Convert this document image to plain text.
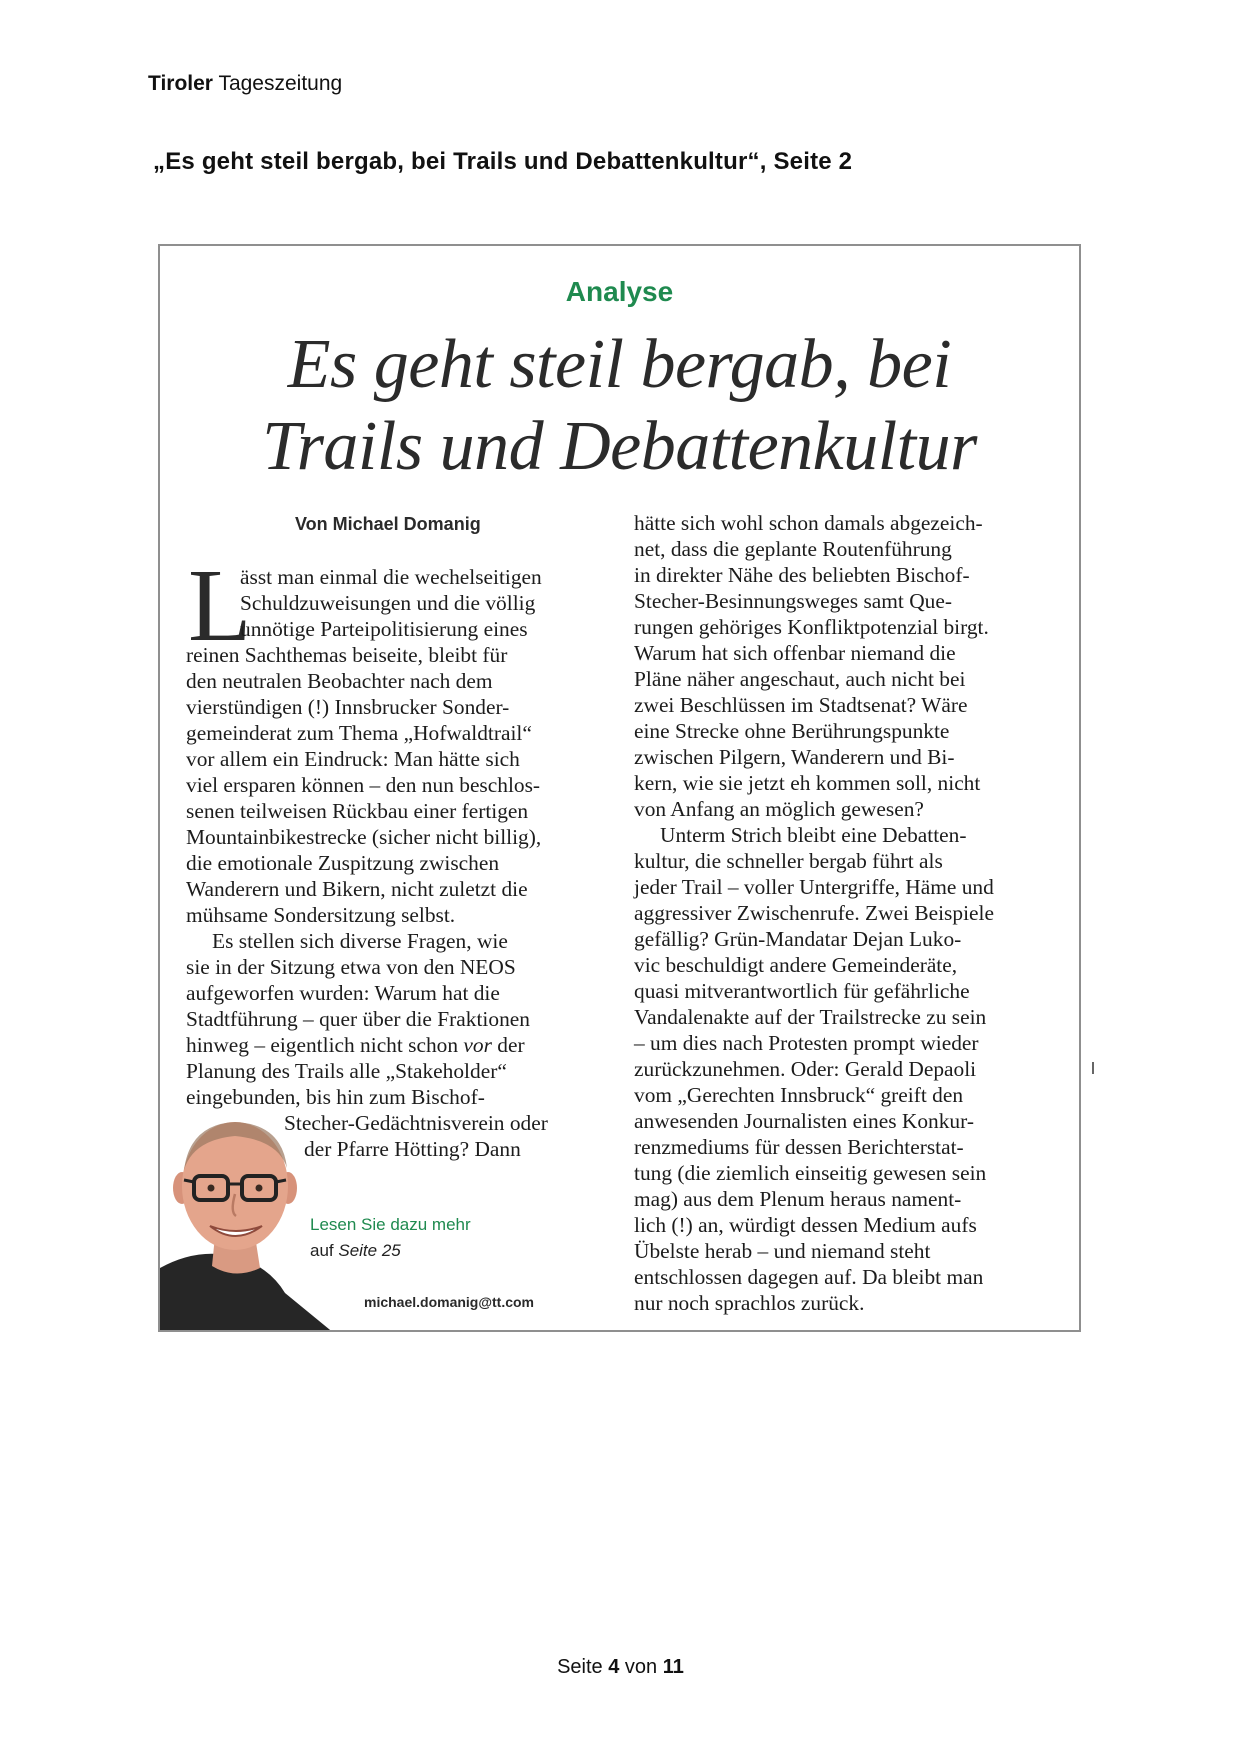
Tiroler Tageszeitung
„Es geht steil bergab, bei Trails und Debattenkultur“, Seite 2
Analyse
Es geht steil bergab, bei
Trails und Debattenkultur
Von Michael Domanig
L

ässt man einmal die wechelseitigen

Schuldzuweisungen und die völlig

unnötige Parteipolitisierung eines

reinen Sachthemas beiseite, bleibt für

den neutralen Beobachter nach dem

vierstündigen (!) Innsbrucker Sonder-

gemeinderat zum Thema „Hofwaldtrail“

vor allem ein Eindruck: Man hätte sich

viel ersparen können – den nun beschlos-

senen teilweisen Rückbau einer fertigen

Mountainbikestrecke (sicher nicht billig),

die emotionale Zuspitzung zwischen

Wanderern und Bikern, nicht zuletzt die

mühsame Sondersitzung selbst.

Es stellen sich diverse Fragen, wie

sie in der Sitzung etwa von den NEOS

aufgeworfen wurden: Warum hat die

Stadtführung – quer über die Fraktionen

hinweg – eigentlich nicht schon vor der

Planung des Trails alle „Stakeholder“

eingebunden, bis hin zum Bischof-

Stecher-Gedächtnisverein oder

der Pfarre Hötting? Dann

hätte sich wohl schon damals abgezeich-

net, dass die geplante Routenführung

in direkter Nähe des beliebten Bischof-

Stecher-Besinnungsweges samt Que-

rungen gehöriges Konfliktpotenzial birgt.

Warum hat sich offenbar niemand die

Pläne näher angeschaut, auch nicht bei

zwei Beschlüssen im Stadtsenat? Wäre

eine Strecke ohne Berührungspunkte

zwischen Pilgern, Wanderern und Bi-

kern, wie sie jetzt eh kommen soll, nicht

von Anfang an möglich gewesen?

Unterm Strich bleibt eine Debatten-

kultur, die schneller bergab führt als

jeder Trail – voller Untergriffe, Häme und

aggressiver Zwischenrufe. Zwei Beispiele

gefällig? Grün-Mandatar Dejan Luko-

vic beschuldigt andere Gemeinderäte,

quasi mitverantwortlich für gefährliche

Vandalenakte auf der Trailstrecke zu sein

– um dies nach Protesten prompt wieder

zurückzunehmen. Oder: Gerald Depaoli

vom „Gerechten Innsbruck“ greift den

anwesenden Journalisten eines Konkur-

renzmediums für dessen Berichterstat-

tung (die ziemlich einseitig gewesen sein

mag) aus dem Plenum heraus nament-

lich (!) an, würdigt dessen Medium aufs

Übelste herab – und niemand steht

entschlossen dagegen auf. Da bleibt man

nur noch sprachlos zurück.

Lesen Sie dazu mehr
auf Seite 25
michael.domanig@tt.com
Seite 4 von 11
